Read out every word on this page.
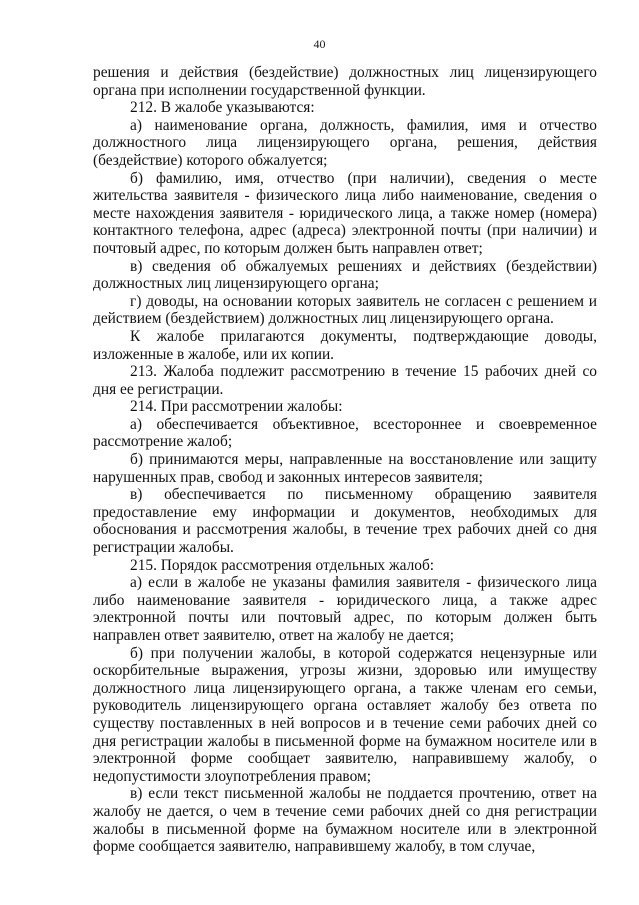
40

решения и действия (бездействие) должностных лиц лицензирующего органа при исполнении государственной функции.

212. В жалобе указываются:

а) наименование органа, должность, фамилия, имя и отчество должностного лица лицензирующего органа, решения, действия (бездействие) которого обжалуется;

б) фамилию, имя, отчество (при наличии), сведения о месте жительства заявителя - физического лица либо наименование, сведения о месте нахождения заявителя - юридического лица, а также номер (номера) контактного телефона, адрес (адреса) электронной почты (при наличии) и почтовый адрес, по которым должен быть направлен ответ;

в) сведения об обжалуемых решениях и действиях (бездействии) должностных лиц лицензирующего органа;

г) доводы, на основании которых заявитель не согласен с решением и действием (бездействием) должностных лиц лицензирующего органа.

К жалобе прилагаются документы, подтверждающие доводы, изложенные в жалобе, или их копии.

213. Жалоба подлежит рассмотрению в течение 15 рабочих дней со дня ее регистрации.

214. При рассмотрении жалобы:

а) обеспечивается объективное, всестороннее и своевременное рассмотрение жалоб;

б) принимаются меры, направленные на восстановление или защиту нарушенных прав, свобод и законных интересов заявителя;

в) обеспечивается по письменному обращению заявителя предоставление ему информации и документов, необходимых для обоснования и рассмотрения жалобы, в течение трех рабочих дней со дня регистрации жалобы.

215. Порядок рассмотрения отдельных жалоб:

а) если в жалобе не указаны фамилия заявителя - физического лица либо наименование заявителя - юридического лица, а также адрес электронной почты или почтовый адрес, по которым должен быть направлен ответ заявителю, ответ на жалобу не дается;

б) при получении жалобы, в которой содержатся нецензурные или оскорбительные выражения, угрозы жизни, здоровью или имуществу должностного лица лицензирующего органа, а также членам его семьи, руководитель лицензирующего органа оставляет жалобу без ответа по существу поставленных в ней вопросов и в течение семи рабочих дней со дня регистрации жалобы в письменной форме на бумажном носителе или в электронной форме сообщает заявителю, направившему жалобу, о недопустимости злоупотребления правом;

в) если текст письменной жалобы не поддается прочтению, ответ на жалобу не дается, о чем в течение семи рабочих дней со дня регистрации жалобы в письменной форме на бумажном носителе или в электронной форме сообщается заявителю, направившему жалобу, в том случае,
